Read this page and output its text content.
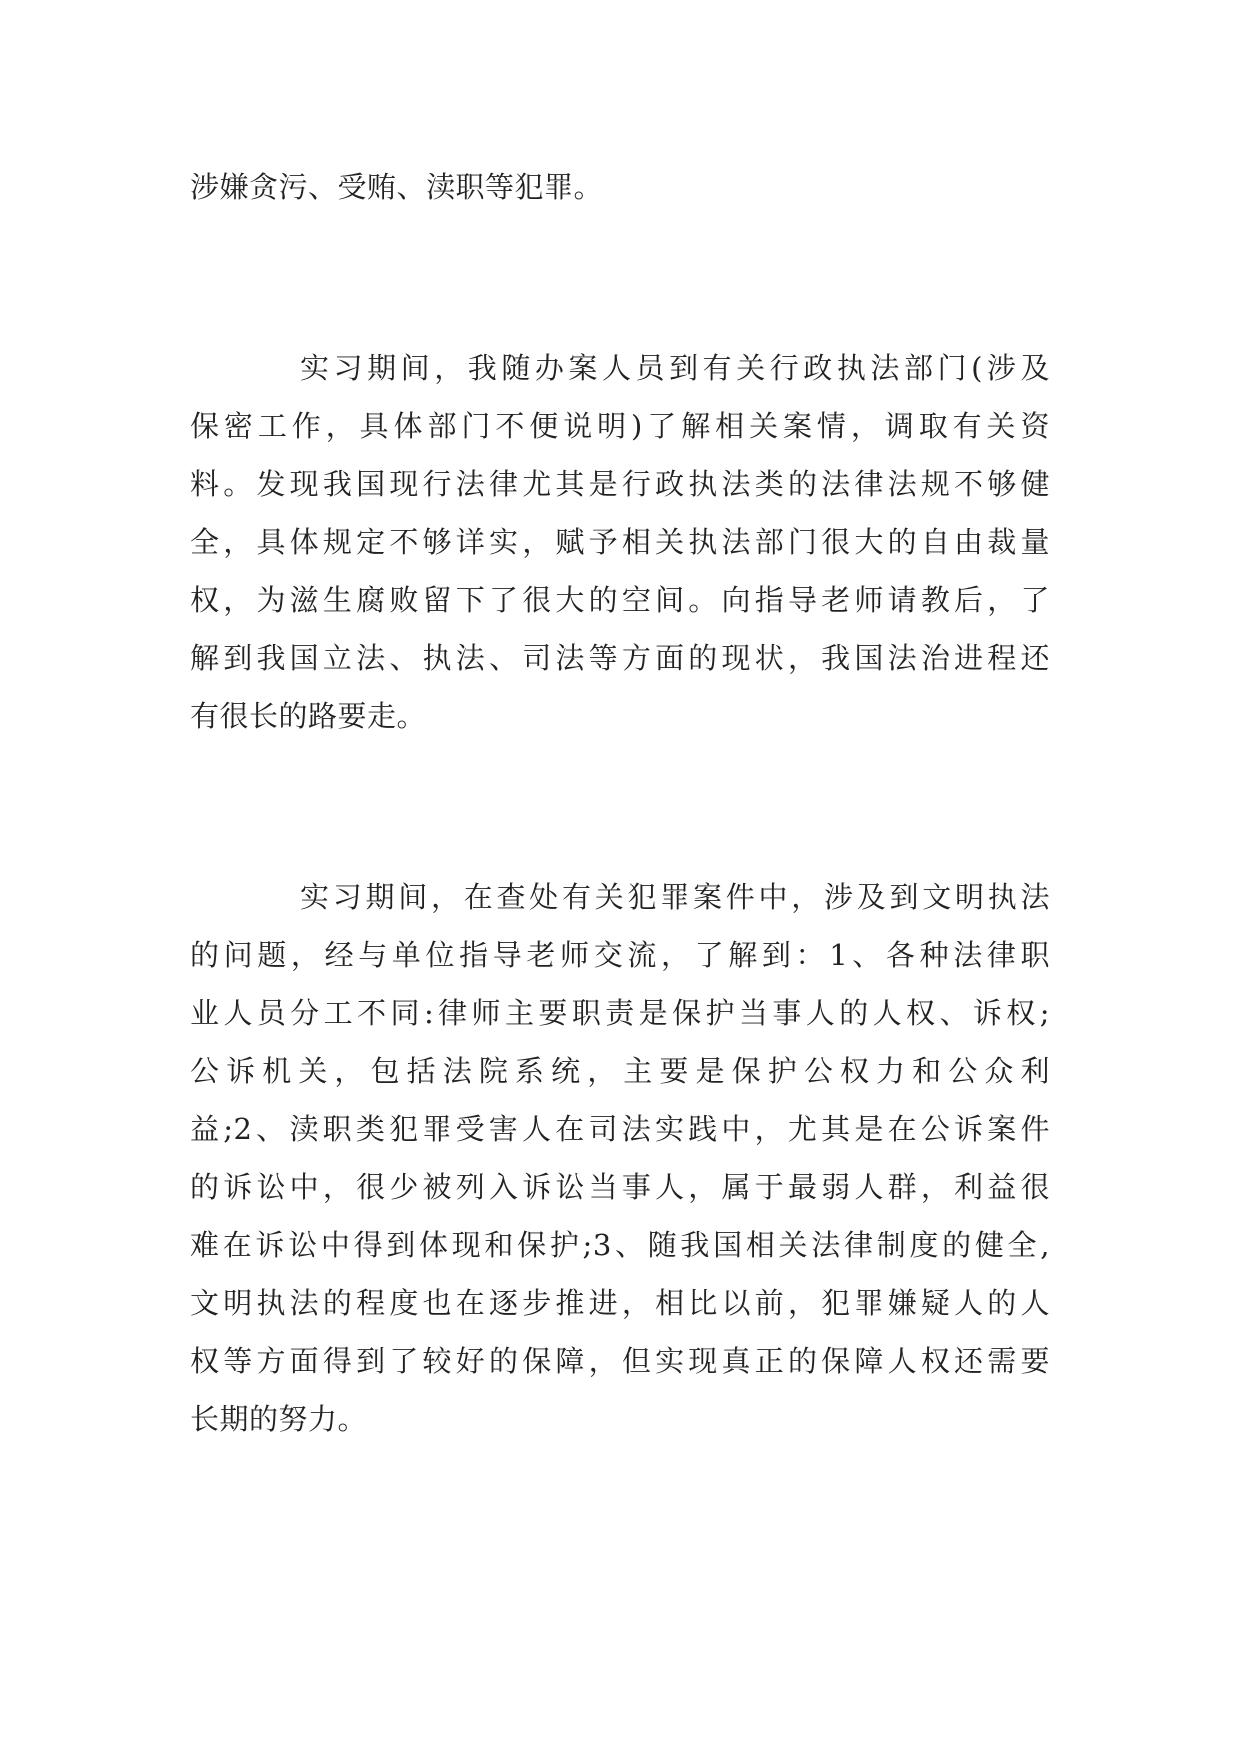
涉嫌贪污、受贿、渎职等犯罪。
实习期间，我随办案人员到有关行政执法部门(涉及
保密工作，具体部门不便说明)了解相关案情，调取有关资
料。发现我国现行法律尤其是行政执法类的法律法规不够健
全，具体规定不够详实，赋予相关执法部门很大的自由裁量
权，为滋生腐败留下了很大的空间。向指导老师请教后，了
解到我国立法、执法、司法等方面的现状，我国法治进程还
有很长的路要走。
实习期间，在查处有关犯罪案件中，涉及到文明执法
的问题，经与单位指导老师交流，了解到：1、各种法律职
业人员分工不同:律师主要职责是保护当事人的人权、诉权;
公诉机关，包括法院系统，主要是保护公权力和公众利
益;2、渎职类犯罪受害人在司法实践中，尤其是在公诉案件
的诉讼中，很少被列入诉讼当事人，属于最弱人群，利益很
难在诉讼中得到体现和保护;3、随我国相关法律制度的健全,
文明执法的程度也在逐步推进，相比以前，犯罪嫌疑人的人
权等方面得到了较好的保障，但实现真正的保障人权还需要
长期的努力。
